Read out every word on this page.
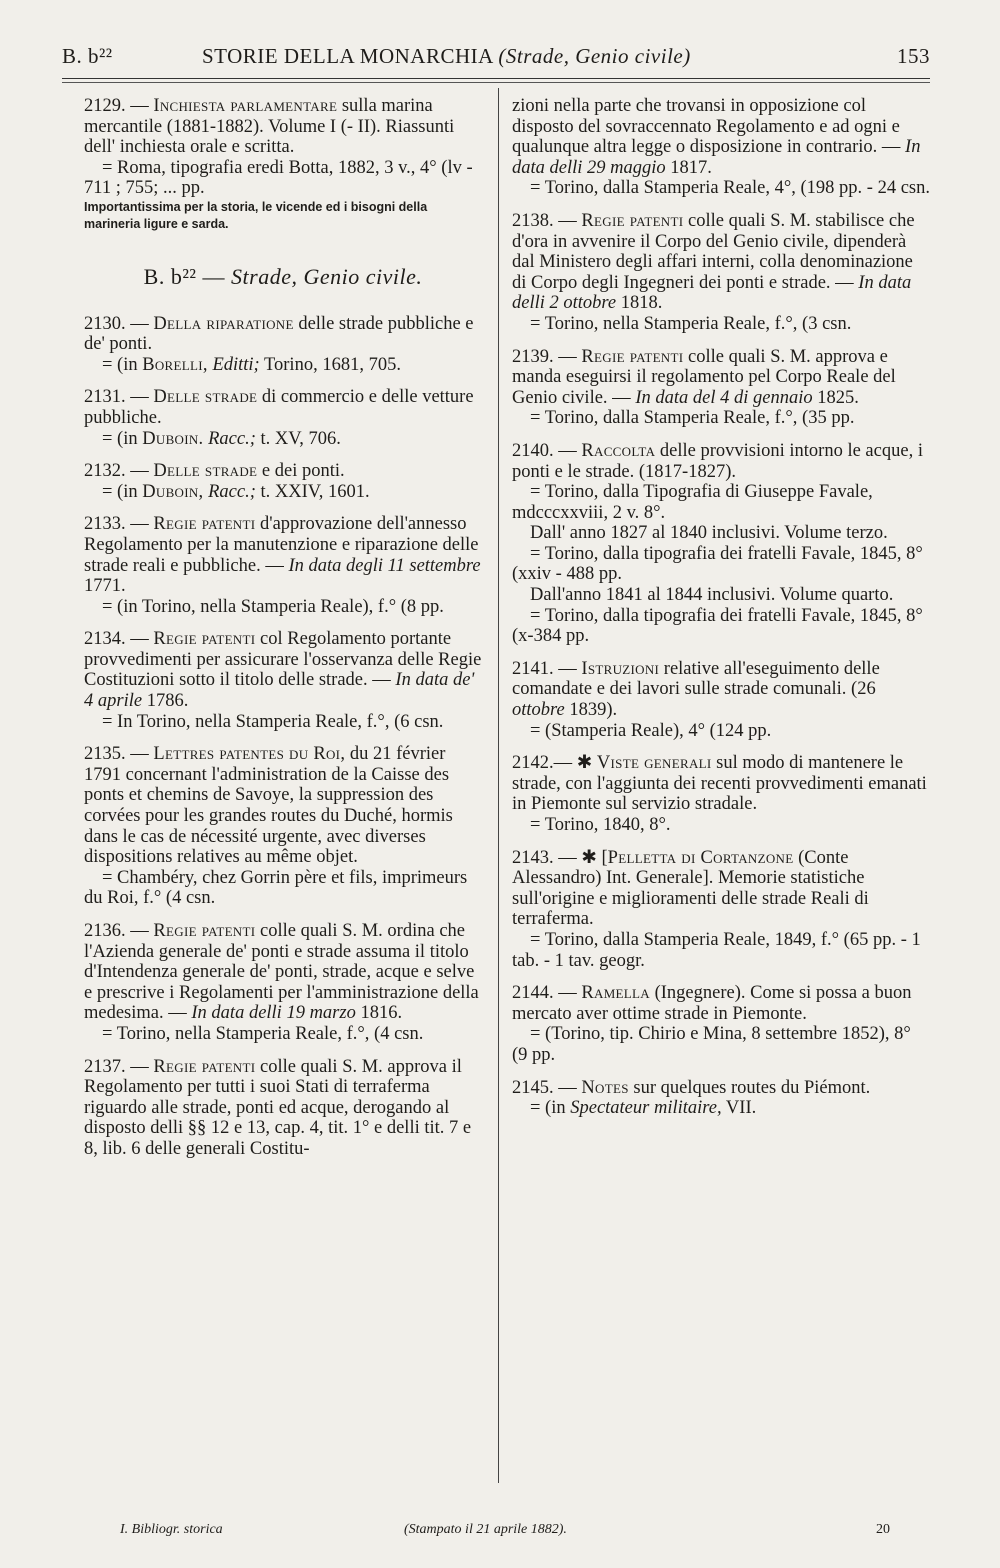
B. b²²	STORIE DELLA MONARCHIA (Strade, Genio civile)	153

2129. — Inchiesta parlamentare sulla marina mercantile (1881-1882). Volume I (- II). Riassunti dell' inchiesta orale e scritta.

= Roma, tipografia eredi Botta, 1882, 3 v., 4° (lv - 711 ; 755; ... pp.

Importantissima per la storia, le vicende ed i bisogni della marineria ligure e sarda.

B. b²² — Strade, Genio civile.

2130. — Della riparatione delle strade pubbliche e de' ponti.

= (in Borelli, Editti; Torino, 1681, 705.

2131. — Delle strade di commercio e delle vetture pubbliche.

= (in Duboin. Racc.; t. XV, 706.

2132. — Delle strade e dei ponti.

= (in Duboin, Racc.; t. XXIV, 1601.

2133. — Regie patenti d'approvazione dell'annesso Regolamento per la manutenzione e riparazione delle strade reali e pubbliche. — In data degli 11 settembre 1771.

= (in Torino, nella Stamperia Reale), f.° (8 pp.

2134. — Regie patenti col Regolamento portante provvedimenti per assicurare l'osservanza delle Regie Costituzioni sotto il titolo delle strade. — In data de' 4 aprile 1786.

= In Torino, nella Stamperia Reale, f.°, (6 csn.

2135. — Lettres patentes du Roi, du 21 février 1791 concernant l'administration de la Caisse des ponts et chemins de Savoye, la suppression des corvées pour les grandes routes du Duché, hormis dans le cas de nécessité urgente, avec diverses dispositions relatives au même objet.

= Chambéry, chez Gorrin père et fils, imprimeurs du Roi, f.° (4 csn.

2136. — Regie patenti colle quali S. M. ordina che l'Azienda generale de' ponti e strade assuma il titolo d'Intendenza generale de' ponti, strade, acque e selve e prescrive i Regolamenti per l'amministrazione della medesima. — In data delli 19 marzo 1816.

= Torino, nella Stamperia Reale, f.°, (4 csn.

2137. — Regie patenti colle quali S. M. approva il Regolamento per tutti i suoi Stati di terraferma riguardo alle strade, ponti ed acque, derogando al disposto delli §§ 12 e 13, cap. 4, tit. 1° e delli tit. 7 e 8, lib. 6 delle generali Costitu-

zioni nella parte che trovansi in opposizione col disposto del sovraccennato Regolamento e ad ogni e qualunque altra legge o disposizione in contrario. — In data delli 29 maggio 1817.

= Torino, dalla Stamperia Reale, 4°, (198 pp. - 24 csn.

2138. — Regie patenti colle quali S. M. stabilisce che d'ora in avvenire il Corpo del Genio civile, dipenderà dal Ministero degli affari interni, colla denominazione di Corpo degli Ingegneri dei ponti e strade. — In data delli 2 ottobre 1818.

= Torino, nella Stamperia Reale, f.°, (3 csn.

2139. — Regie patenti colle quali S. M. approva e manda eseguirsi il regolamento pel Corpo Reale del Genio civile. — In data del 4 di gennaio 1825.

= Torino, dalla Stamperia Reale, f.°, (35 pp.

2140. — Raccolta delle provvisioni intorno le acque, i ponti e le strade. (1817-1827).

= Torino, dalla Tipografia di Giuseppe Favale, mdcccxxviii, 2 v. 8°.

Dall' anno 1827 al 1840 inclusivi. Volume terzo.

= Torino, dalla tipografia dei fratelli Favale, 1845, 8° (xxiv - 488 pp.

Dall'anno 1841 al 1844 inclusivi. Volume quarto.

= Torino, dalla tipografia dei fratelli Favale, 1845, 8° (x-384 pp.

2141. — Istruzioni relative all'eseguimento delle comandate e dei lavori sulle strade comunali. (26 ottobre 1839).

= (Stamperia Reale), 4° (124 pp.

2142.— ✱ Viste generali sul modo di mantenere le strade, con l'aggiunta dei recenti provvedimenti emanati in Piemonte sul servizio stradale.

= Torino, 1840, 8°.

2143. — ✱ [Pelletta di Cortanzone (Conte Alessandro) Int. Generale]. Memorie statistiche sull'origine e miglioramenti delle strade Reali di terraferma.

= Torino, dalla Stamperia Reale, 1849, f.° (65 pp. - 1 tab. - 1 tav. geogr.

2144. — Ramella (Ingegnere). Come si possa a buon mercato aver ottime strade in Piemonte.

= (Torino, tip. Chirio e Mina, 8 settembre 1852), 8° (9 pp.

2145. — Notes sur quelques routes du Piémont.

= (in Spectateur militaire, VII.

I. Bibliogr. storica	(Stampato il 21 aprile 1882).	20
